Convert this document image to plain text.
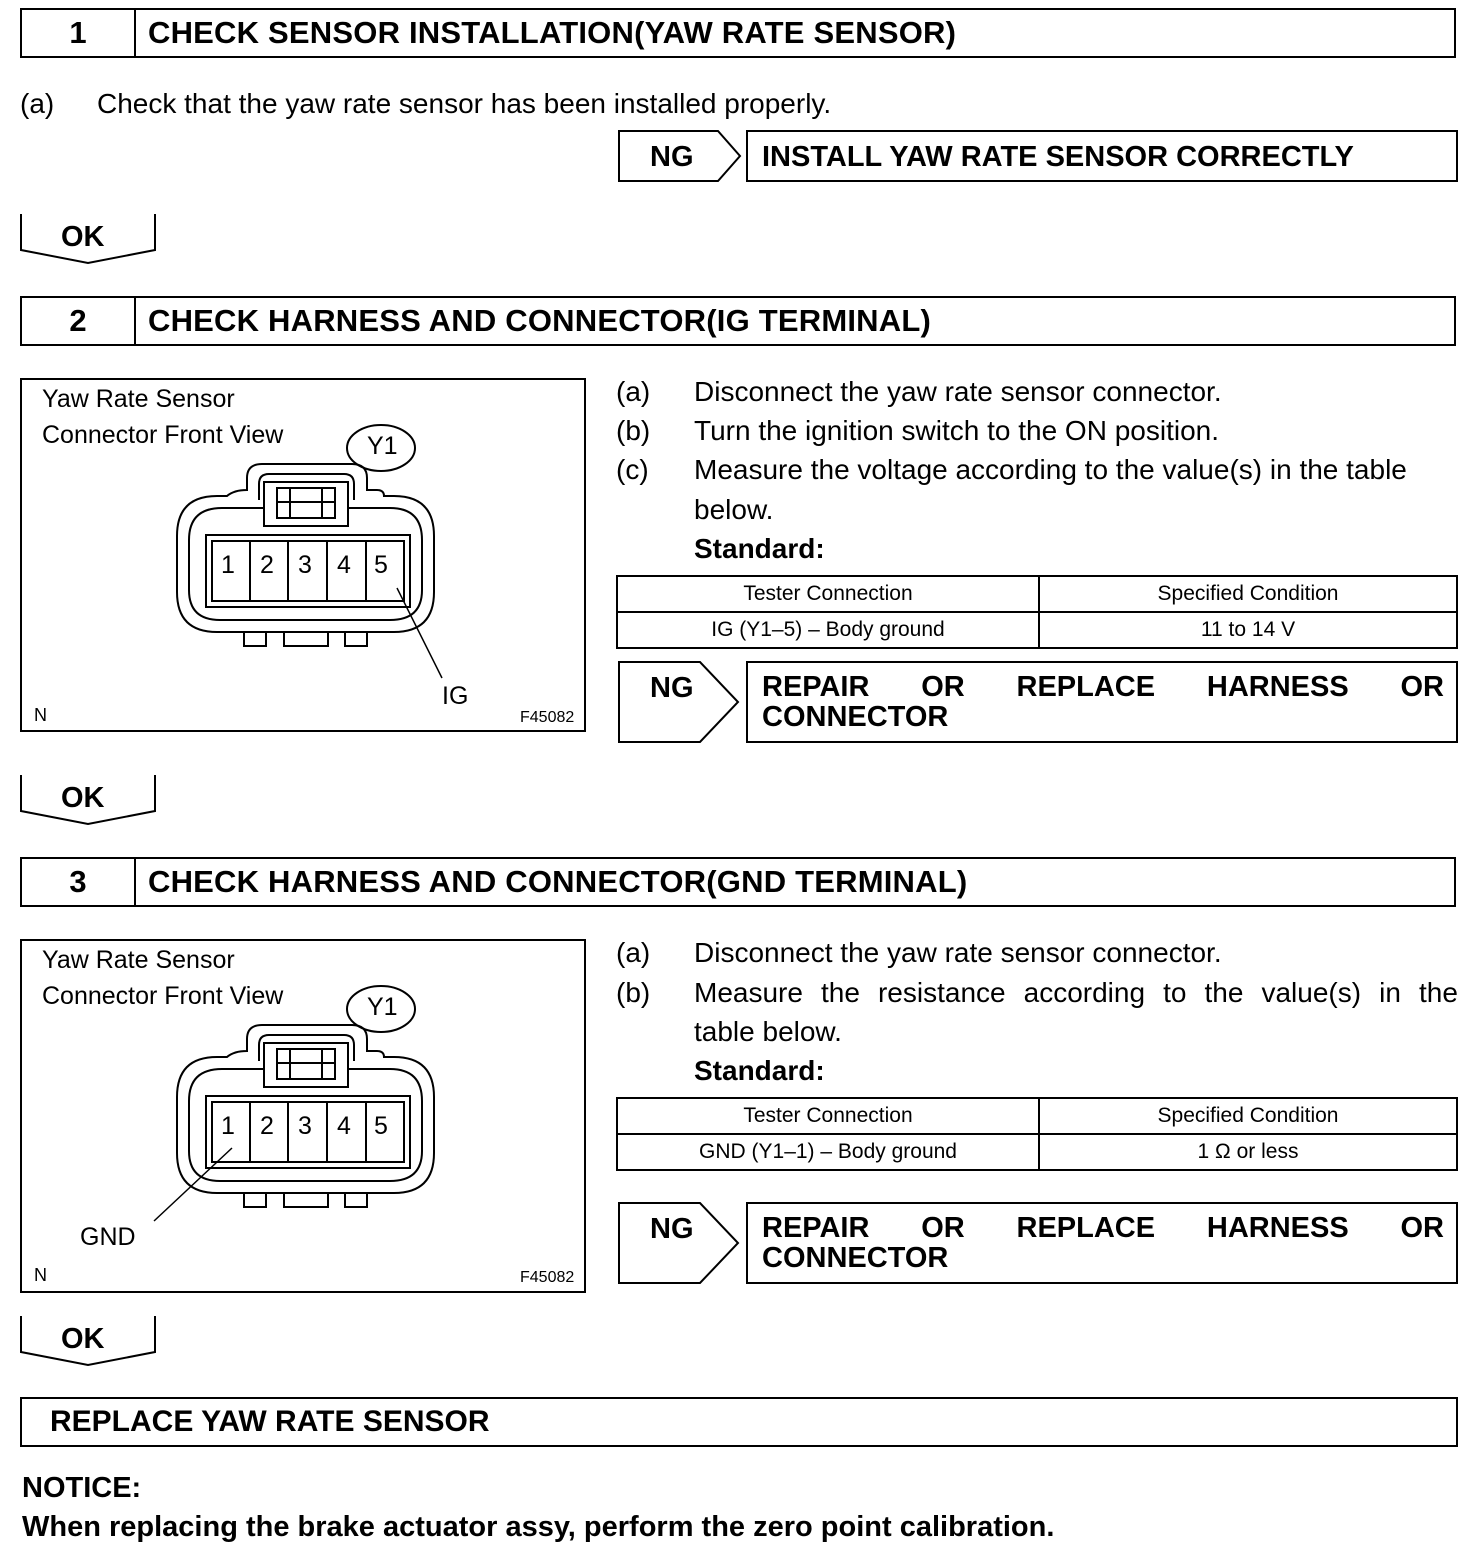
1	CHECK SENSOR INSTALLATION(YAW RATE SENSOR)
(a) Check that the yaw rate sensor has been installed properly.
NG	INSTALL YAW RATE SENSOR CORRECTLY
OK
2	CHECK HARNESS AND CONNECTOR(IG TERMINAL)
Yaw Rate Sensor
Connector Front View	Y1
1 2 3 4 5
IG
N	F45082
(a) Disconnect the yaw rate sensor connector.
(b) Turn the ignition switch to the ON position.
(c) Measure the voltage according to the value(s) in the table
below.
Standard:
Tester Connection	Specified Condition
IG (Y1–5) – Body ground	11 to 14 V
NG REPAIR OR REPLACE HARNESS OR
CONNECTOR
OK
3	CHECK HARNESS AND CONNECTOR(GND TERMINAL)
Yaw Rate Sensor
Connector Front View	Y1
1 2 3 4 5
GND
N	F45082
(a) Disconnect the yaw rate sensor connector.
(b) Measure the resistance according to the value(s) in the
table below.
Standard:
Tester Connection	Specified Condition
GND (Y1–1) – Body ground	1 Ω or less
NG REPAIR OR REPLACE HARNESS OR
CONNECTOR
OK
REPLACE YAW RATE SENSOR
NOTICE:
When replacing the brake actuator assy, perform the zero point calibration.
